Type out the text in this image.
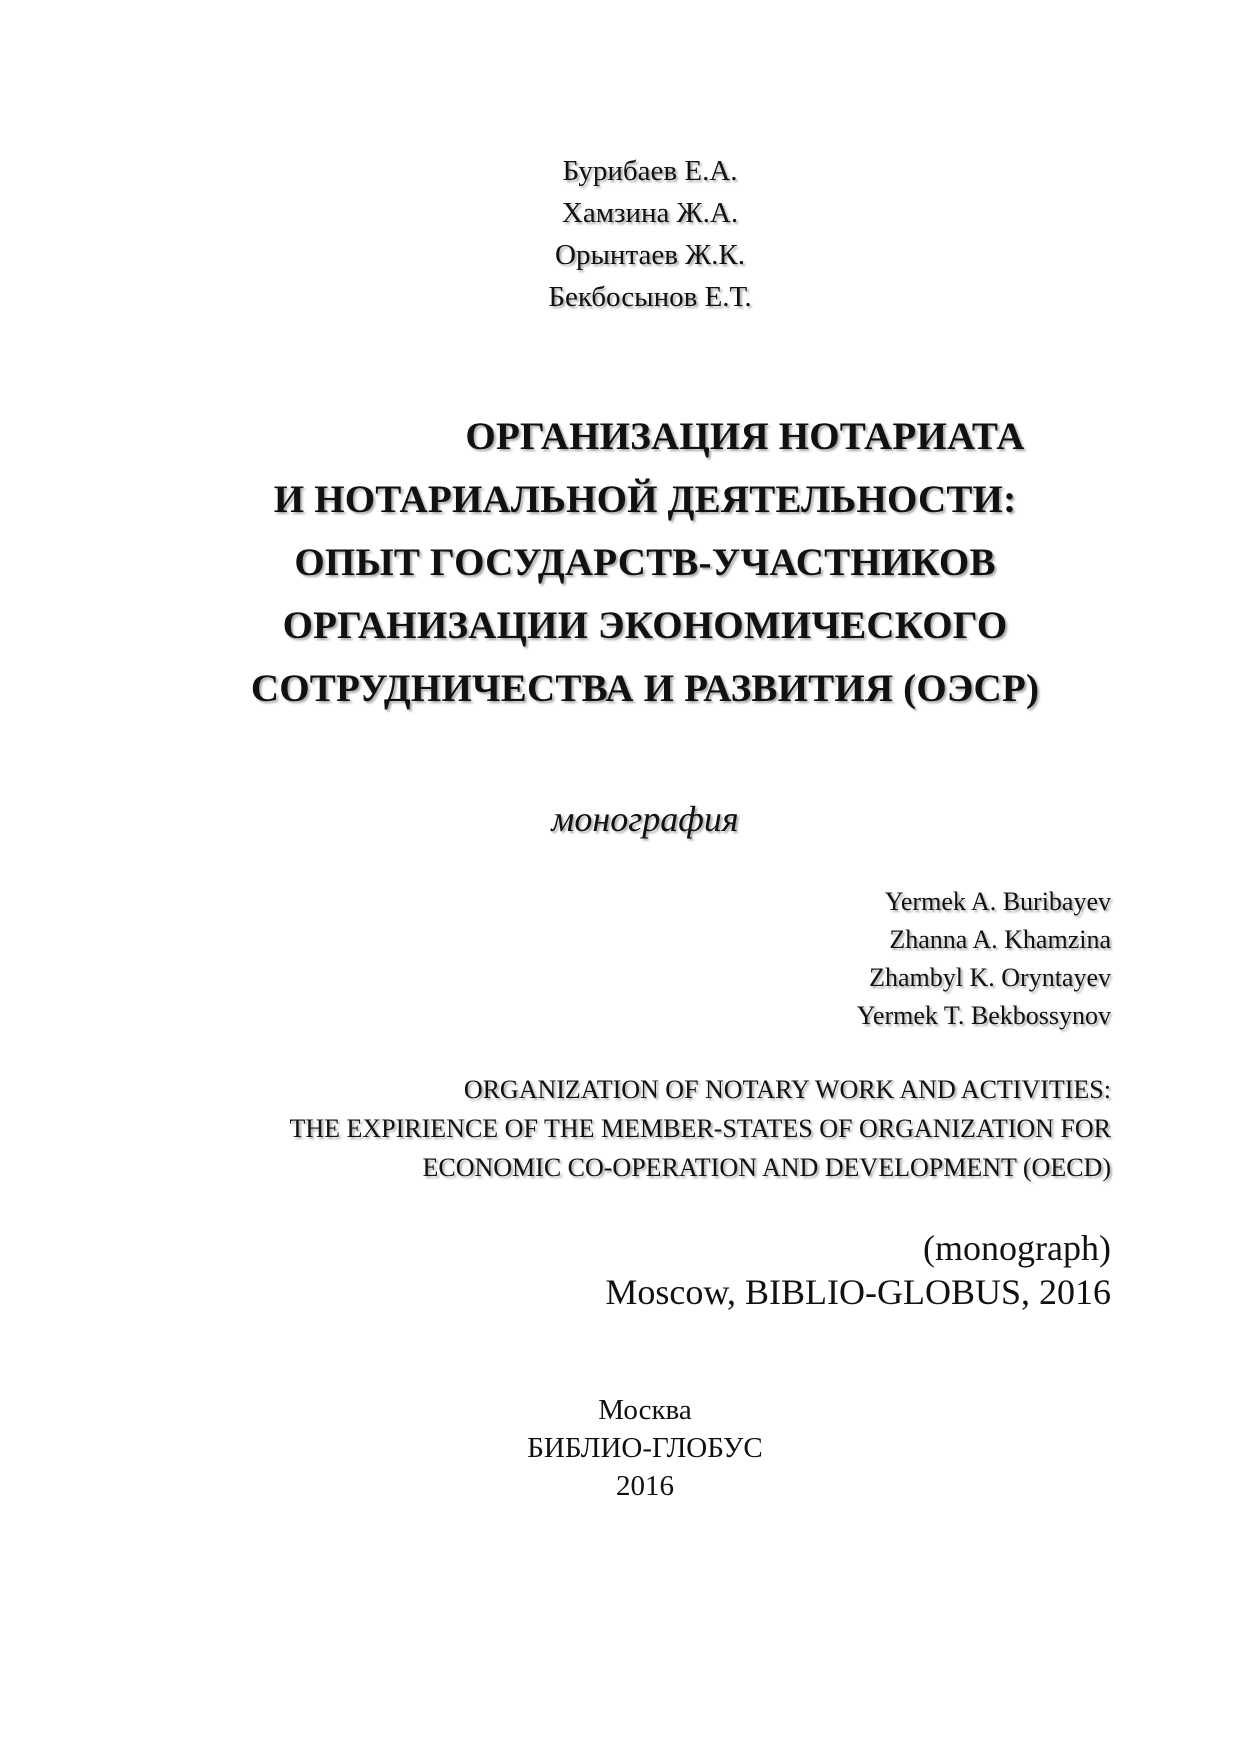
Бурибаев Е.А.
Хамзина Ж.А.
Орынтаев Ж.К.
Бекбосынов Е.Т.
ОРГАНИЗАЦИЯ НОТАРИАТА
И НОТАРИАЛЬНОЙ ДЕЯТЕЛЬНОСТИ:
ОПЫТ ГОСУДАРСТВ-УЧАСТНИКОВ
ОРГАНИЗАЦИИ ЭКОНОМИЧЕСКОГО
СОТРУДНИЧЕСТВА И РАЗВИТИЯ (ОЭСР)
монография
Yermek A. Buribayev
Zhanna A. Khamzina
Zhambyl K. Oryntayev
Yermek T. Bekbossynov
ORGANIZATION OF NOTARY WORK AND ACTIVITIES:
THE EXPIRIENCE OF THE MEMBER-STATES OF ORGANIZATION FOR
ECONOMIC CO-OPERATION AND DEVELOPMENT (OECD)
(monograph)
Moscow, BIBLIO-GLOBUS, 2016
Москва
БИБЛИО-ГЛОБУС
2016
